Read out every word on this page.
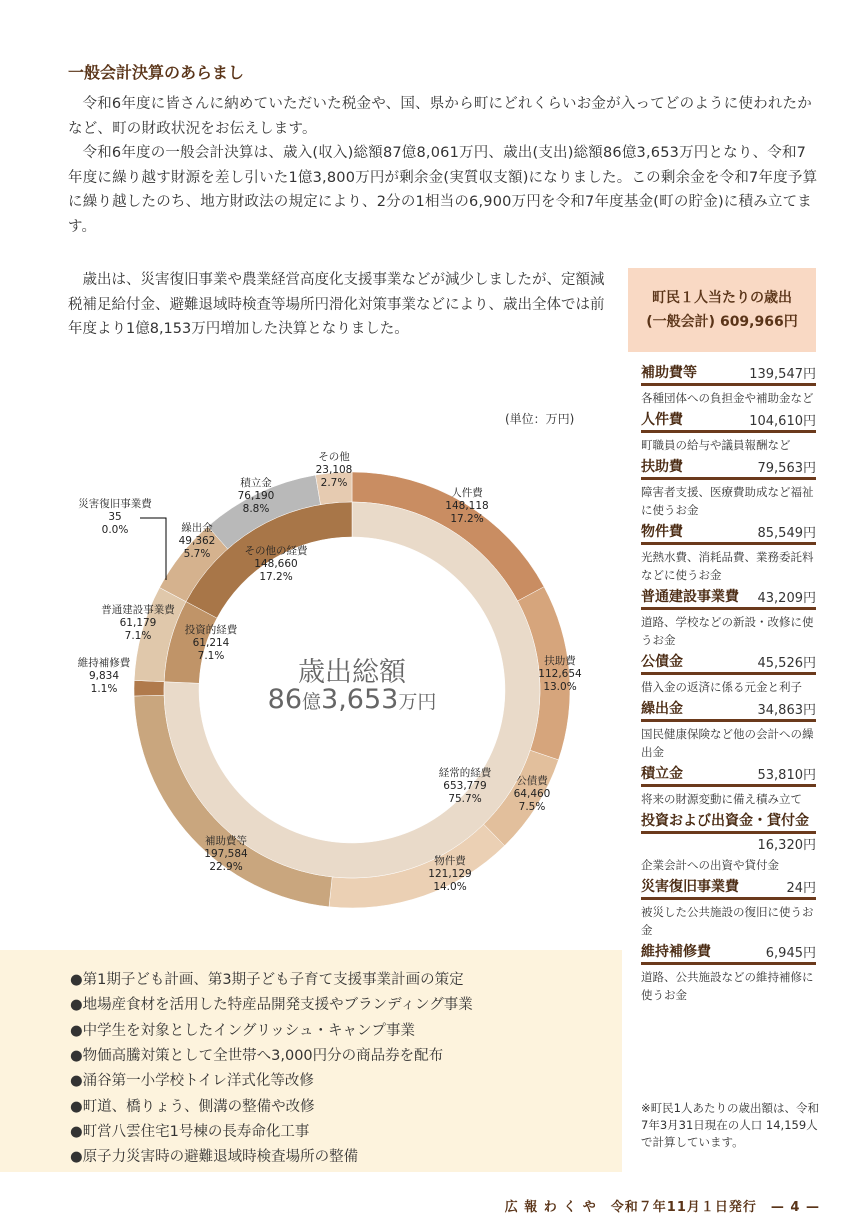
一般会計決算のあらまし
令和6年度に皆さんに納めていただいた税金や、国、県から町にどれくらいお金が入ってどのように使われたかなど、町の財政状況をお伝えします。
令和6年度の一般会計決算は、歳入(収入)総額87億8,061万円、歳出(支出)総額86億3,653万円となり、令和7年度に繰り越す財源を差し引いた1億3,800万円が剰余金(実質収支額)になりました。この剰余金を令和7年度予算に繰り越したのち、地方財政法の規定により、2分の1相当の6,900万円を令和7年度基金(町の貯金)に積み立てます。
歳出は、災害復旧事業や農業経営高度化支援事業などが減少しましたが、定額減税補足給付金、避難退域時検査等場所円滑化対策事業などにより、歳出全体では前年度より1億8,153万円増加した決算となりました。
(単位：万円)
歳出総額
86億3,653万円
人件費
148,118
17.2%
扶助費
112,654
13.0%
公債費
64,460
7.5%
物件費
121,129
14.0%
補助費等
197,584
22.9%
維持補修費
9,834
1.1%
普通建設事業費
61,179
7.1%
災害復旧事業費
35
0.0%	繰出金
49,362
5.7%
積立金
76,190
8.8%
その他
23,108
2.7%
経常的経費
653,779
75.7%
投資的経費
61,214
7.1%
その他の経費
148,660
17.2%
町民１人当たりの歳出
(一般会計) 609,966円
補助費等	139,547円
各種団体への負担金や補助金など
人件費	104,610円
町職員の給与や議員報酬など
扶助費	79,563円
障害者支援、医療費助成など福祉に使うお金
物件費	85,549円
光熱水費、消耗品費、業務委託料などに使うお金
普通建設事業費 43,209円
道路、学校などの新設・改修に使うお金
公債金	45,526円
借入金の返済に係る元金と利子
繰出金	34,863円
国民健康保険など他の会計への繰出金
積立金	53,810円
将来の財源変動に備え積み立て
投資および出資金・貸付金
16,320円
企業会計への出資や貸付金
災害復旧事業費	24円
被災した公共施設の復旧に使うお金
維持補修費	6,945円
道路、公共施設などの維持補修に使うお金
※町民1人あたりの歳出額は、令和7年3月31日現在の人口 14,159人で計算しています。
●第1期子ども計画、第3期子ども子育て支援事業計画の策定
●地場産食材を活用した特産品開発支援やブランディング事業
●中学生を対象としたイングリッシュ・キャンプ事業
●物価高騰対策として全世帯へ3,000円分の商品券を配布
●涌谷第一小学校トイレ洋式化等改修
●町道、橋りょう、側溝の整備や改修
●町営八雲住宅1号棟の長寿命化工事
●原子力災害時の避難退域時検査場所の整備
広 報 わ く や　令和７年11月１日発行　— 4 —
